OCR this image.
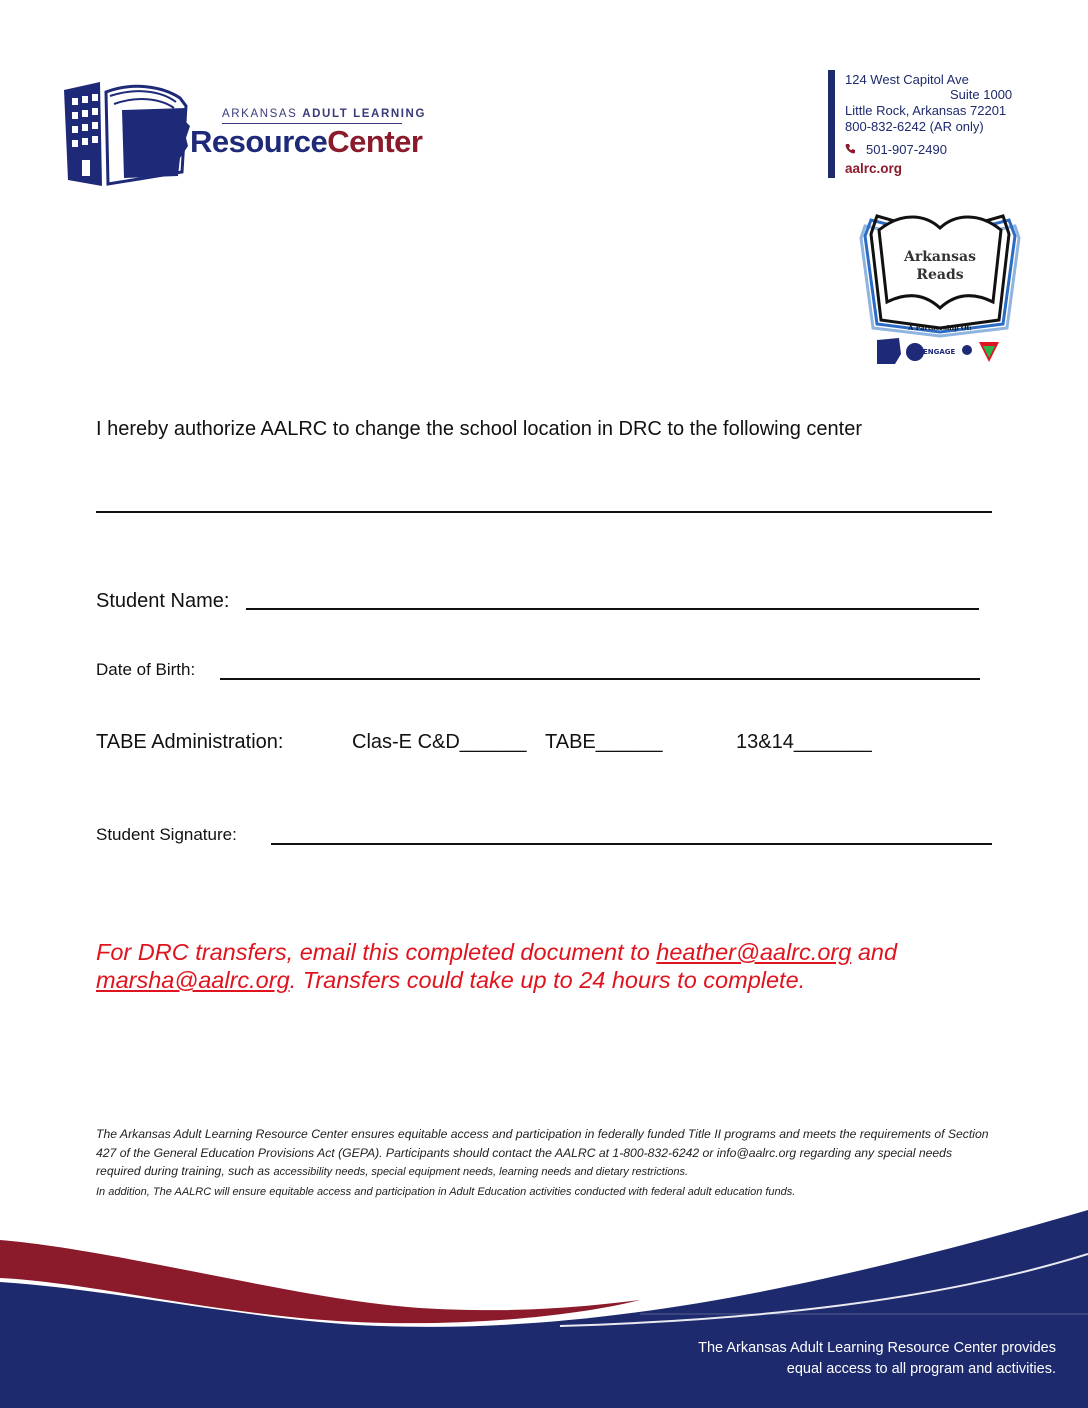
ARKANSAS ADULT LEARNING
ResourceCenter
124 West Capitol Ave
Suite 1000
Little Rock, Arkansas 72201
800-832-6242 (AR only)
501-907-2490
aalrc.org
Arkansas
Reads
A Partnership Of:
ENGAGE
I hereby authorize AALRC to change the school location in DRC to the following center
Student Name:
Date of Birth:
TABE Administration:	Clas-E C&D______ TABE______	13&14_______
Student Signature:
For DRC transfers, email this completed document to heather@aalrc.org and
marsha@aalrc.org. Transfers could take up to 24 hours to complete.
The Arkansas Adult Learning Resource Center ensures equitable access and participation in federally funded Title II programs and meets the requirements of Section 427 of the General Education Provisions Act (GEPA). Participants should contact the AALRC at 1-800-832-6242 or info@aalrc.org regarding any special needs required during training, such as accessibility needs, special equipment needs, learning needs and dietary restrictions.
In addition, The AALRC will ensure equitable access and participation in Adult Education activities conducted with federal adult education funds.
The Arkansas Adult Learning Resource Center provides
equal access to all program and activities.
